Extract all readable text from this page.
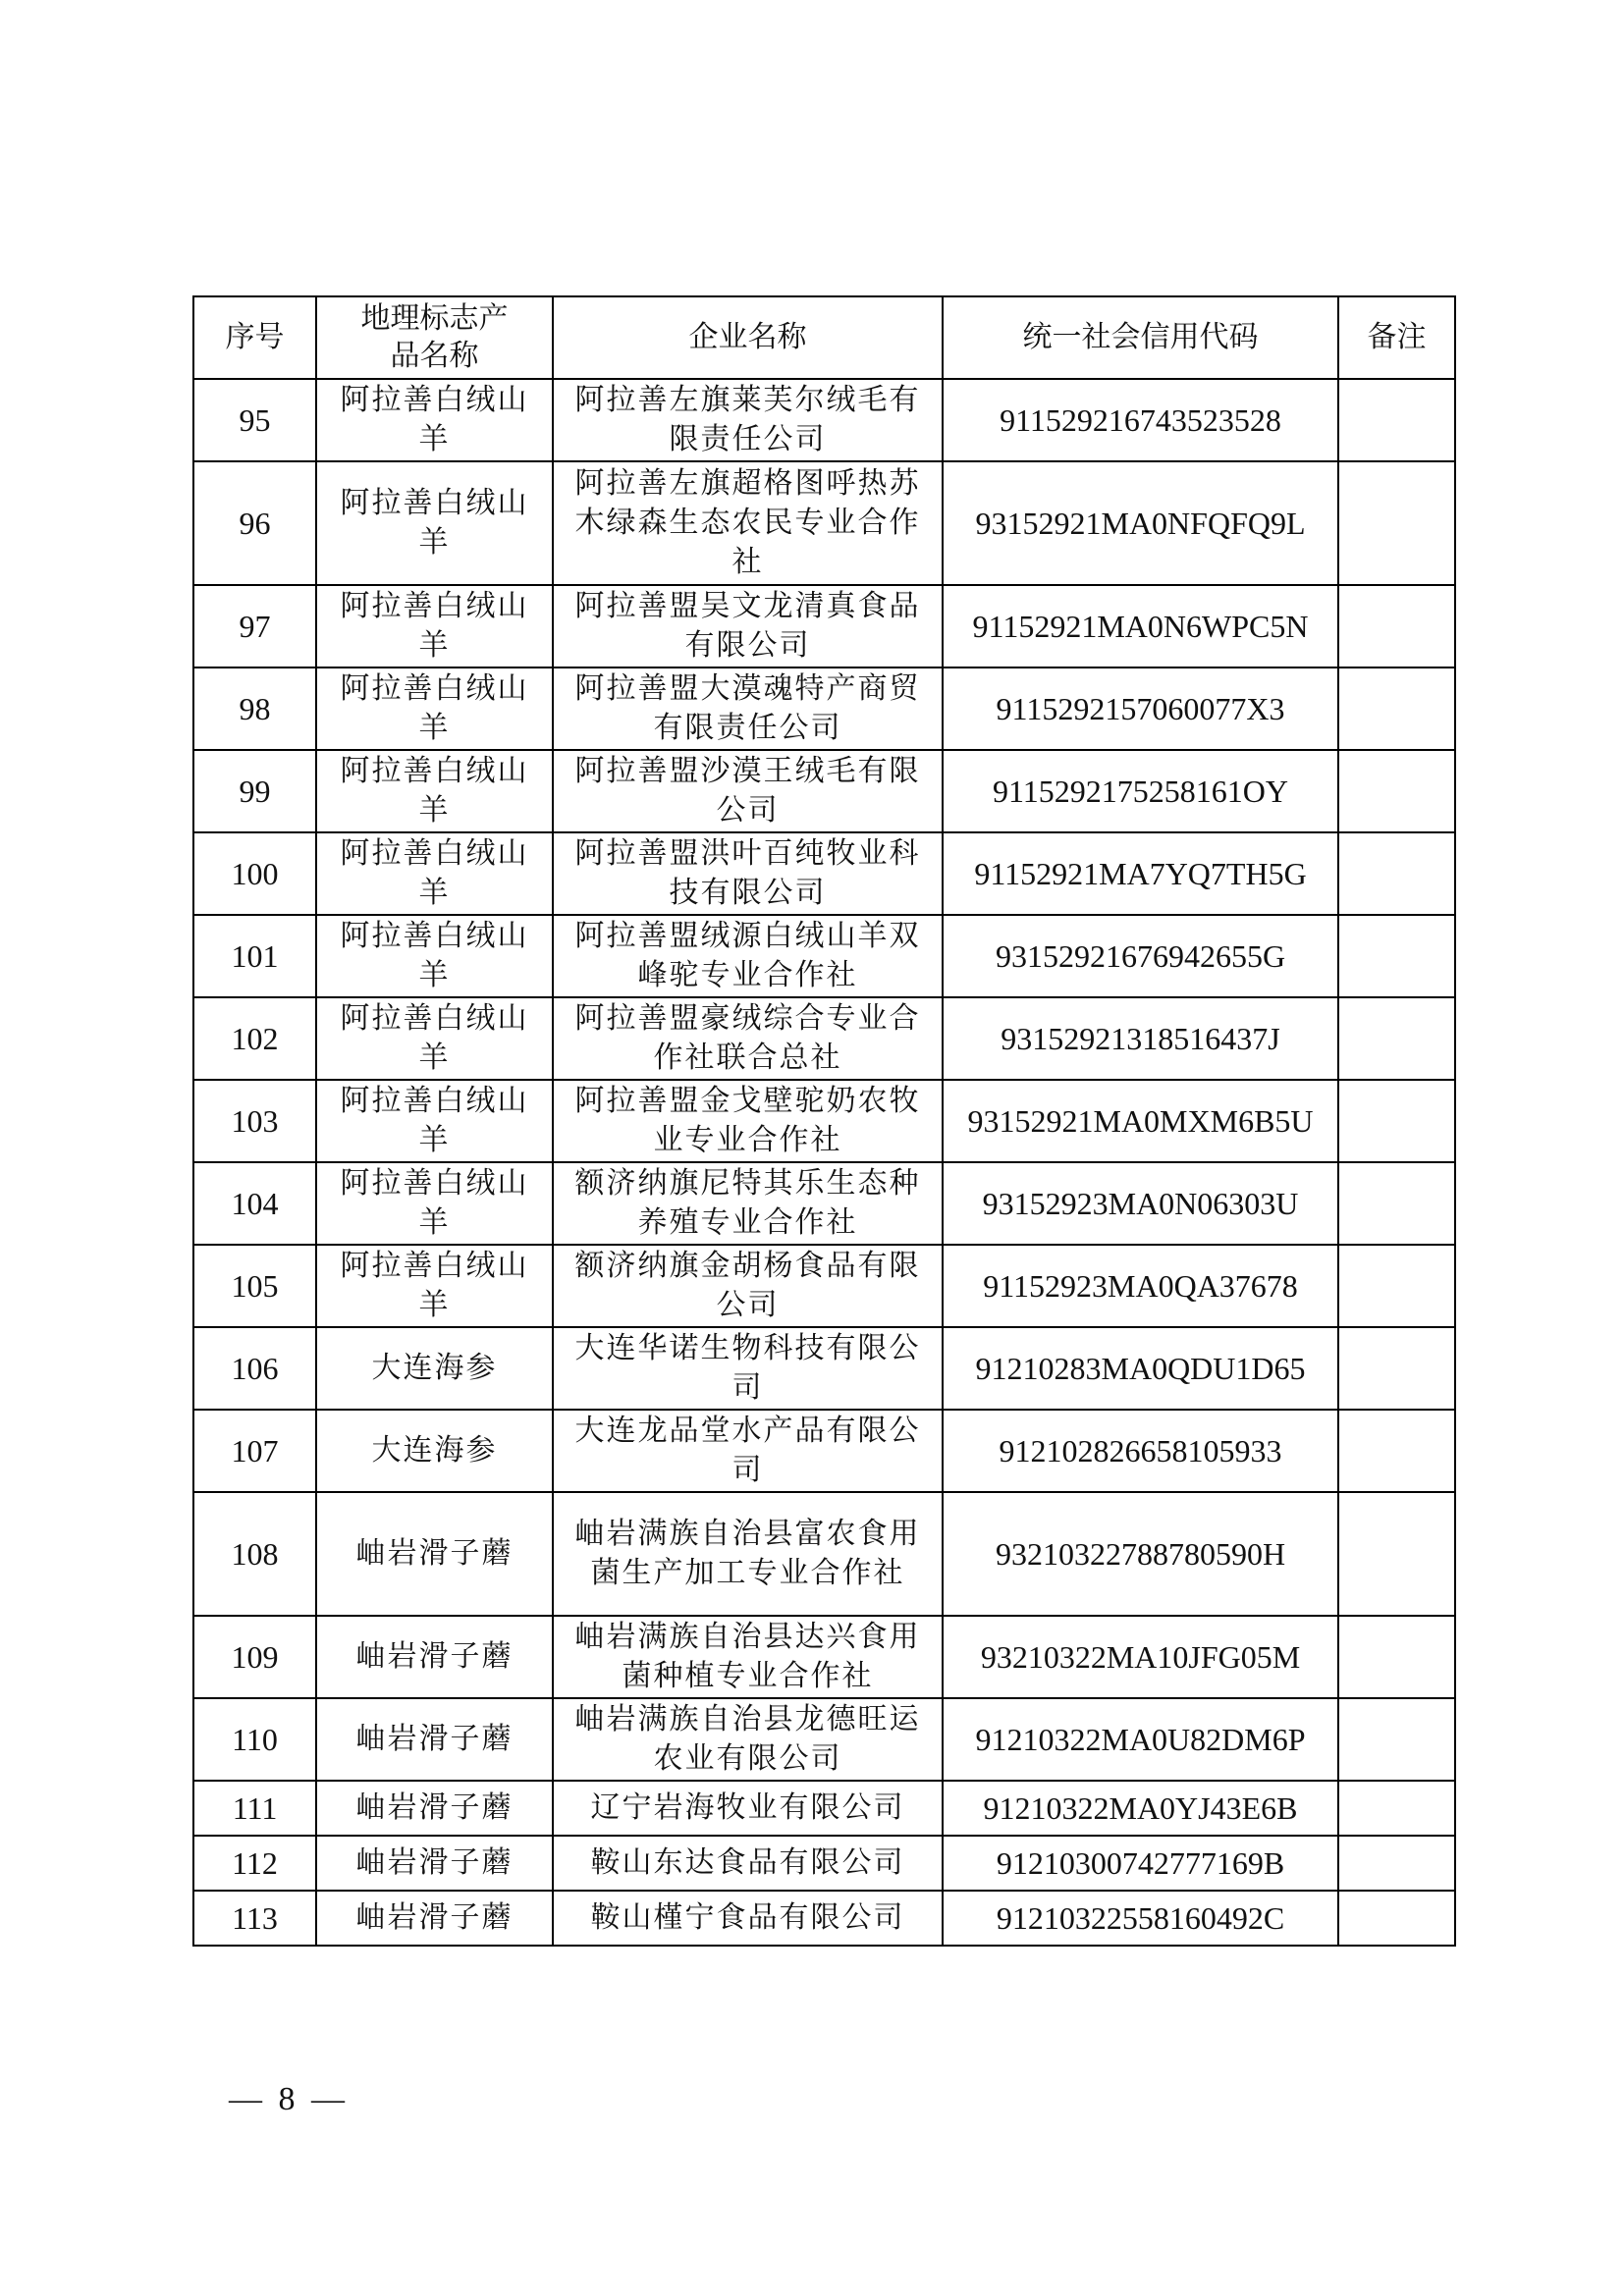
序号	地理标志产品名称	企业名称	统一社会信用代码	备注
95	阿拉善白绒山羊	阿拉善左旗莱芙尔绒毛有限责任公司	911529216743523528	
96	阿拉善白绒山羊	阿拉善左旗超格图呼热苏木绿森生态农民专业合作社	93152921MA0NFQFQ9L	
97	阿拉善白绒山羊	阿拉善盟吴文龙清真食品有限公司	91152921MA0N6WPC5N	
98	阿拉善白绒山羊	阿拉善盟大漠魂特产商贸有限责任公司	9115292157060077X3	
99	阿拉善白绒山羊	阿拉善盟沙漠王绒毛有限公司	9115292175258161OY	
100	阿拉善白绒山羊	阿拉善盟洪叶百纯牧业科技有限公司	91152921MA7YQ7TH5G	
101	阿拉善白绒山羊	阿拉善盟绒源白绒山羊双峰驼专业合作社	93152921676942655G	
102	阿拉善白绒山羊	阿拉善盟豪绒综合专业合作社联合总社	93152921318516437J	
103	阿拉善白绒山羊	阿拉善盟金戈壁驼奶农牧业专业合作社	93152921MA0MXM6B5U	
104	阿拉善白绒山羊	额济纳旗尼特其乐生态种养殖专业合作社	93152923MA0N06303U	
105	阿拉善白绒山羊	额济纳旗金胡杨食品有限公司	91152923MA0QA37678	
106	大连海参	大连华诺生物科技有限公司	91210283MA0QDU1D65	
107	大连海参	大连龙品堂水产品有限公司	912102826658105933	
108	岫岩滑子蘑	岫岩满族自治县富农食用菌生产加工专业合作社	93210322788780590H	
109	岫岩滑子蘑	岫岩满族自治县达兴食用菌种植专业合作社	93210322MA10JFG05M	
110	岫岩滑子蘑	岫岩满族自治县龙德旺运农业有限公司	91210322MA0U82DM6P	
111	岫岩滑子蘑	辽宁岩海牧业有限公司	91210322MA0YJ43E6B	
112	岫岩滑子蘑	鞍山东达食品有限公司	91210300742777169B	
113	岫岩滑子蘑	鞍山槿宁食品有限公司	91210322558160492C	
— 8 —
